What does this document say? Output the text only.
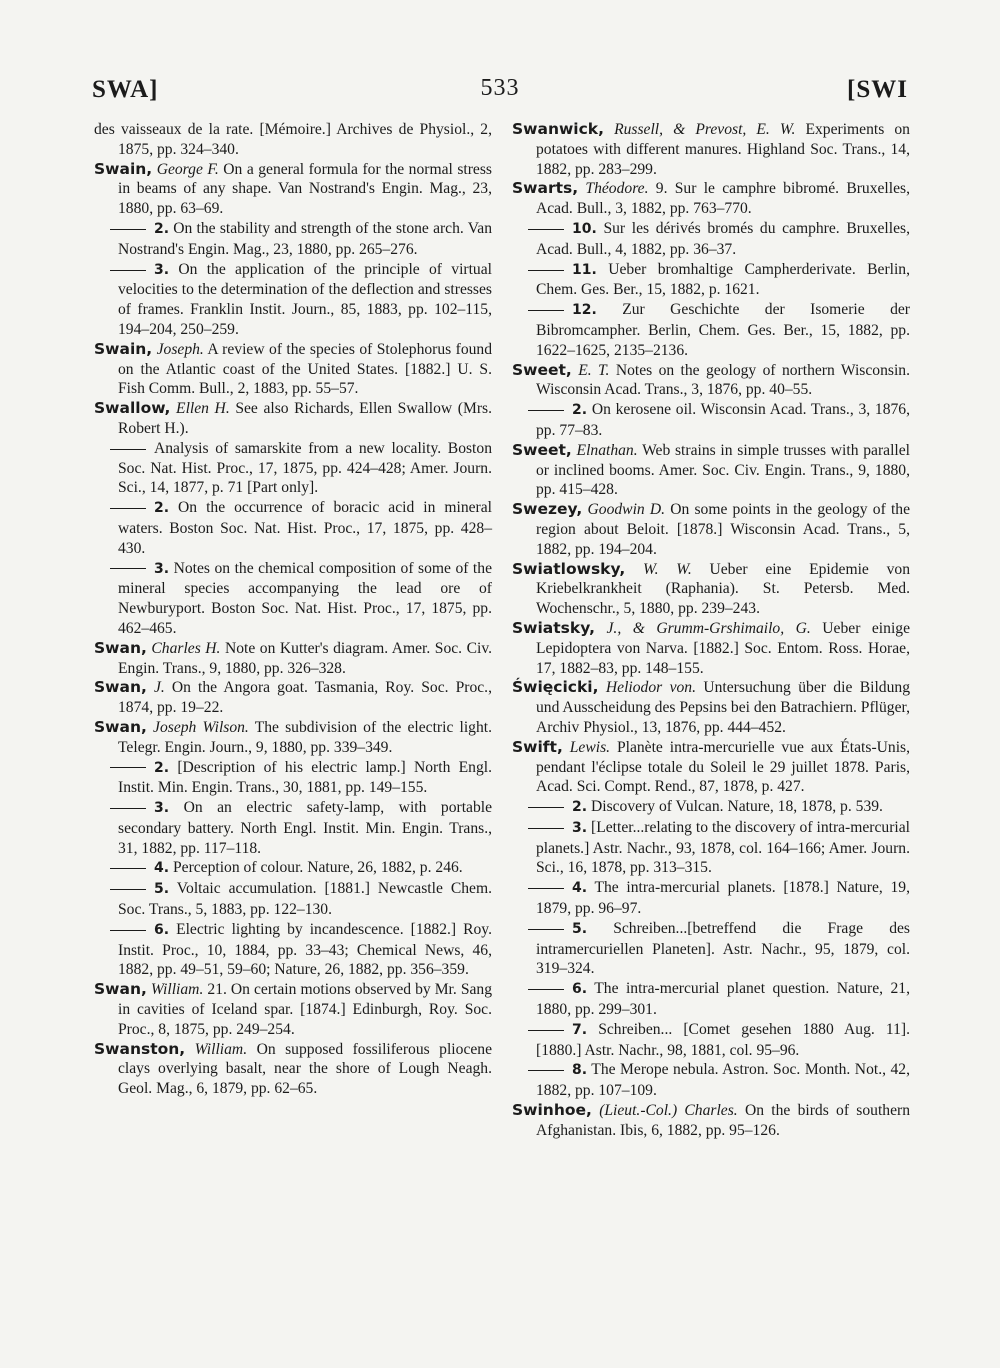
SWA]	533	[SWI

des vaisseaux de la rate. [Mémoire.] Archives de Physiol., 2, 1875, pp. 324–340.

Swain, George F. On a general formula for the normal stress in beams of any shape. Van Nostrand's Engin. Mag., 23, 1880, pp. 63–69.

2. On the stability and strength of the stone arch. Van Nostrand's Engin. Mag., 23, 1880, pp. 265–276.

3. On the application of the principle of virtual velocities to the determination of the deflection and stresses of frames. Franklin Instit. Journ., 85, 1883, pp. 102–115, 194–204, 250–259.

Swain, Joseph. A review of the species of Stolephorus found on the Atlantic coast of the United States. [1882.] U. S. Fish Comm. Bull., 2, 1883, pp. 55–57.

Swallow, Ellen H. See also Richards, Ellen Swallow (Mrs. Robert H.).

Analysis of samarskite from a new locality. Boston Soc. Nat. Hist. Proc., 17, 1875, pp. 424–428; Amer. Journ. Sci., 14, 1877, p. 71 [Part only].

2. On the occurrence of boracic acid in mineral waters. Boston Soc. Nat. Hist. Proc., 17, 1875, pp. 428–430.

3. Notes on the chemical composition of some of the mineral species accompanying the lead ore of Newburyport. Boston Soc. Nat. Hist. Proc., 17, 1875, pp. 462–465.

Swan, Charles H. Note on Kutter's diagram. Amer. Soc. Civ. Engin. Trans., 9, 1880, pp. 326–328.

Swan, J. On the Angora goat. Tasmania, Roy. Soc. Proc., 1874, pp. 19–22.

Swan, Joseph Wilson. The subdivision of the electric light. Telegr. Engin. Journ., 9, 1880, pp. 339–349.

2. [Description of his electric lamp.] North Engl. Instit. Min. Engin. Trans., 30, 1881, pp. 149–155.

3. On an electric safety-lamp, with portable secondary battery. North Engl. Instit. Min. Engin. Trans., 31, 1882, pp. 117–118.

4. Perception of colour. Nature, 26, 1882, p. 246.

5. Voltaic accumulation. [1881.] Newcastle Chem. Soc. Trans., 5, 1883, pp. 122–130.

6. Electric lighting by incandescence. [1882.] Roy. Instit. Proc., 10, 1884, pp. 33–43; Chemical News, 46, 1882, pp. 49–51, 59–60; Nature, 26, 1882, pp. 356–359.

Swan, William. 21. On certain motions observed by Mr. Sang in cavities of Iceland spar. [1874.] Edinburgh, Roy. Soc. Proc., 8, 1875, pp. 249–254.

Swanston, William. On supposed fossiliferous pliocene clays overlying basalt, near the shore of Lough Neagh. Geol. Mag., 6, 1879, pp. 62–65.

Swanwick, Russell, & Prevost, E. W. Experiments on potatoes with different manures. Highland Soc. Trans., 14, 1882, pp. 283–299.

Swarts, Théodore. 9. Sur le camphre bibromé. Bruxelles, Acad. Bull., 3, 1882, pp. 763–770.

10. Sur les dérivés bromés du camphre. Bruxelles, Acad. Bull., 4, 1882, pp. 36–37.

11. Ueber bromhaltige Campherderivate. Berlin, Chem. Ges. Ber., 15, 1882, p. 1621.

12. Zur Geschichte der Isomerie der Bibromcampher. Berlin, Chem. Ges. Ber., 15, 1882, pp. 1622–1625, 2135–2136.

Sweet, E. T. Notes on the geology of northern Wisconsin. Wisconsin Acad. Trans., 3, 1876, pp. 40–55.

2. On kerosene oil. Wisconsin Acad. Trans., 3, 1876, pp. 77–83.

Sweet, Elnathan. Web strains in simple trusses with parallel or inclined booms. Amer. Soc. Civ. Engin. Trans., 9, 1880, pp. 415–428.

Swezey, Goodwin D. On some points in the geology of the region about Beloit. [1878.] Wisconsin Acad. Trans., 5, 1882, pp. 194–204.

Swiatlowsky, W. W. Ueber eine Epidemie von Kriebelkrankheit (Raphania). St. Petersb. Med. Wochenschr., 5, 1880, pp. 239–243.

Swiatsky, J., & Grumm-Grshimailo, G. Ueber einige Lepidoptera von Narva. [1882.] Soc. Entom. Ross. Horae, 17, 1882–83, pp. 148–155.

Święcicki, Heliodor von. Untersuchung über die Bildung und Ausscheidung des Pepsins bei den Batrachiern. Pflüger, Archiv Physiol., 13, 1876, pp. 444–452.

Swift, Lewis. Planète intra-mercurielle vue aux États-Unis, pendant l'éclipse totale du Soleil le 29 juillet 1878. Paris, Acad. Sci. Compt. Rend., 87, 1878, p. 427.

2. Discovery of Vulcan. Nature, 18, 1878, p. 539.

3. [Letter...relating to the discovery of intra-mercurial planets.] Astr. Nachr., 93, 1878, col. 164–166; Amer. Journ. Sci., 16, 1878, pp. 313–315.

4. The intra-mercurial planets. [1878.] Nature, 19, 1879, pp. 96–97.

5. Schreiben...[betreffend die Frage des intramercuriellen Planeten]. Astr. Nachr., 95, 1879, col. 319–324.

6. The intra-mercurial planet question. Nature, 21, 1880, pp. 299–301.

7. Schreiben... [Comet gesehen 1880 Aug. 11]. [1880.] Astr. Nachr., 98, 1881, col. 95–96.

8. The Merope nebula. Astron. Soc. Month. Not., 42, 1882, pp. 107–109.

Swinhoe, (Lieut.-Col.) Charles. On the birds of southern Afghanistan. Ibis, 6, 1882, pp. 95–126.
